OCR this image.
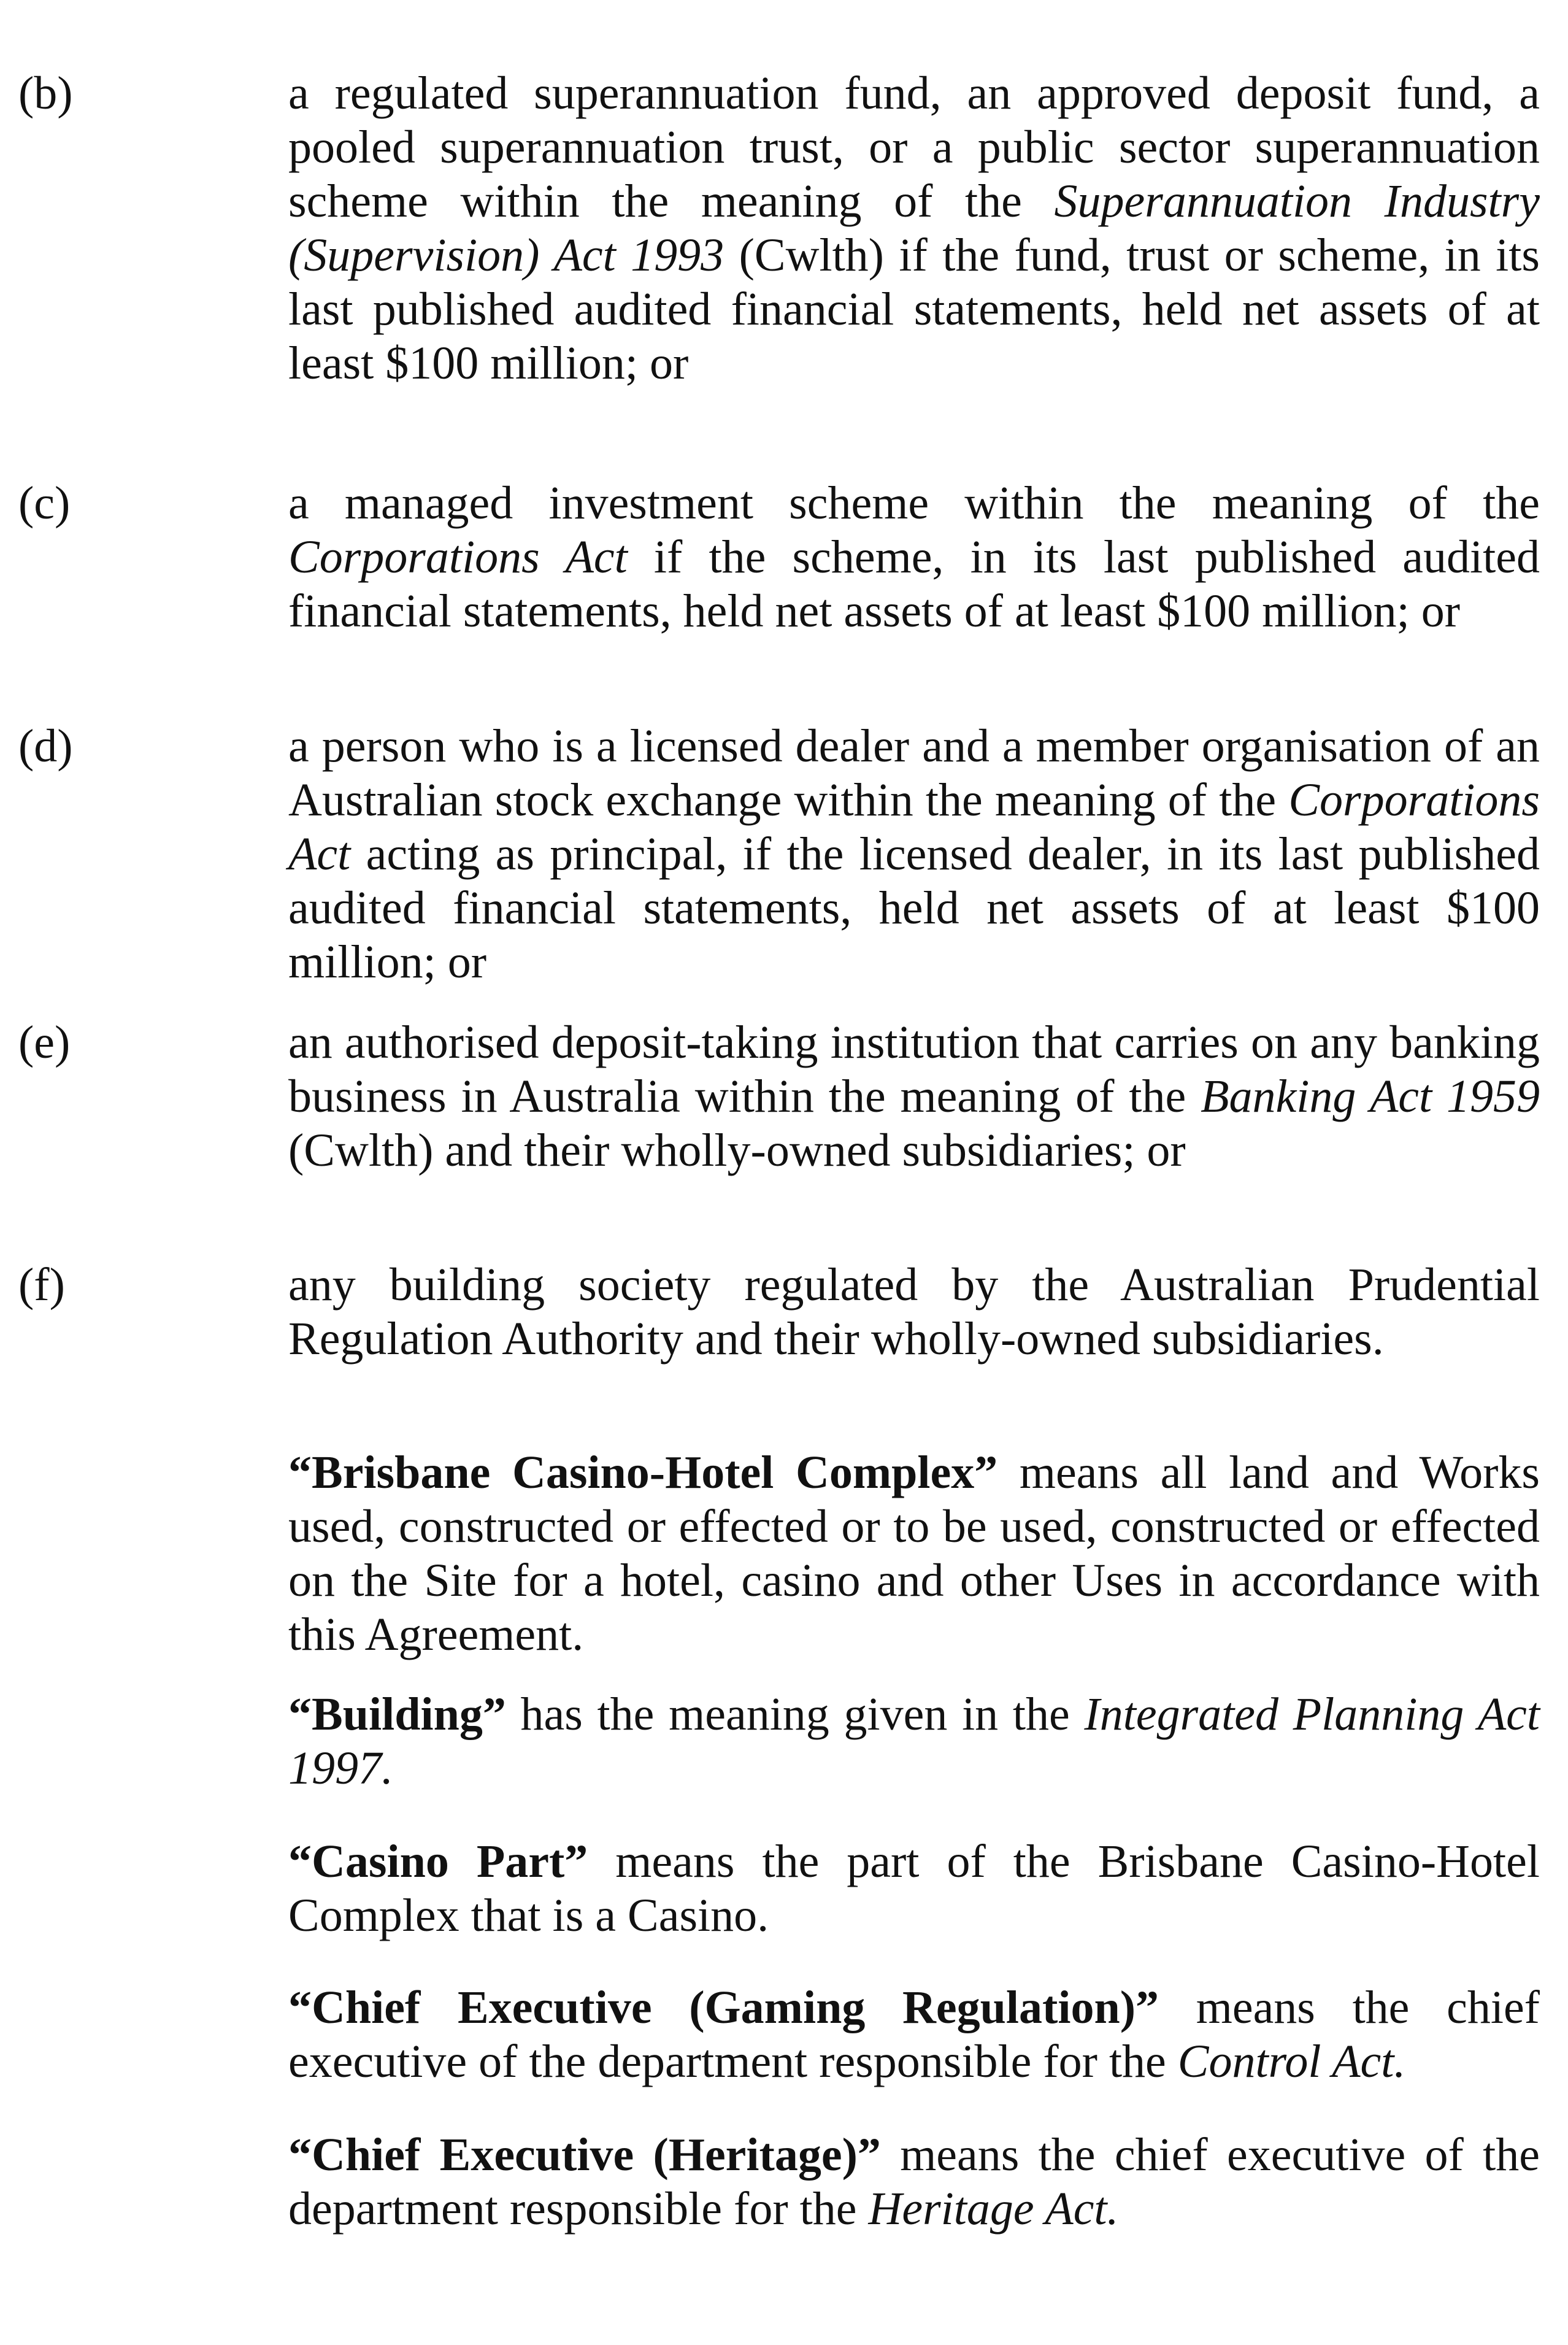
(b)	a regulated superannuation fund, an approved deposit fund, a pooled superannuation trust, or a public sector superannuation scheme within the meaning of the Superannuation Industry (Supervision) Act 1993 (Cwlth) if the fund, trust or scheme, in its last published audited financial statements, held net assets of at least $100 million; or
(c)	a managed investment scheme within the meaning of the Corporations Act if the scheme, in its last published audited financial statements, held net assets of at least $100 million; or
(d)	a person who is a licensed dealer and a member organisation of an Australian stock exchange within the meaning of the Corporations Act acting as principal, if the licensed dealer, in its last published audited financial statements, held net assets of at least $100 million; or
(e)	an authorised deposit-taking institution that carries on any banking business in Australia within the meaning of the Banking Act 1959 (Cwlth) and their wholly-owned subsidiaries; or
(f)	any building society regulated by the Australian Prudential Regulation Authority and their wholly-owned subsidiaries.
“Brisbane Casino-Hotel Complex” means all land and Works used, constructed or effected or to be used, constructed or effected on the Site for a hotel, casino and other Uses in accordance with this Agreement.
“Building” has the meaning given in the Integrated Planning Act 1997.
“Casino Part” means the part of the Brisbane Casino-Hotel Complex that is a Casino.
“Chief Executive (Gaming Regulation)” means the chief executive of the department responsible for the Control Act.
“Chief Executive (Heritage)” means the chief executive of the department responsible for the Heritage Act.
